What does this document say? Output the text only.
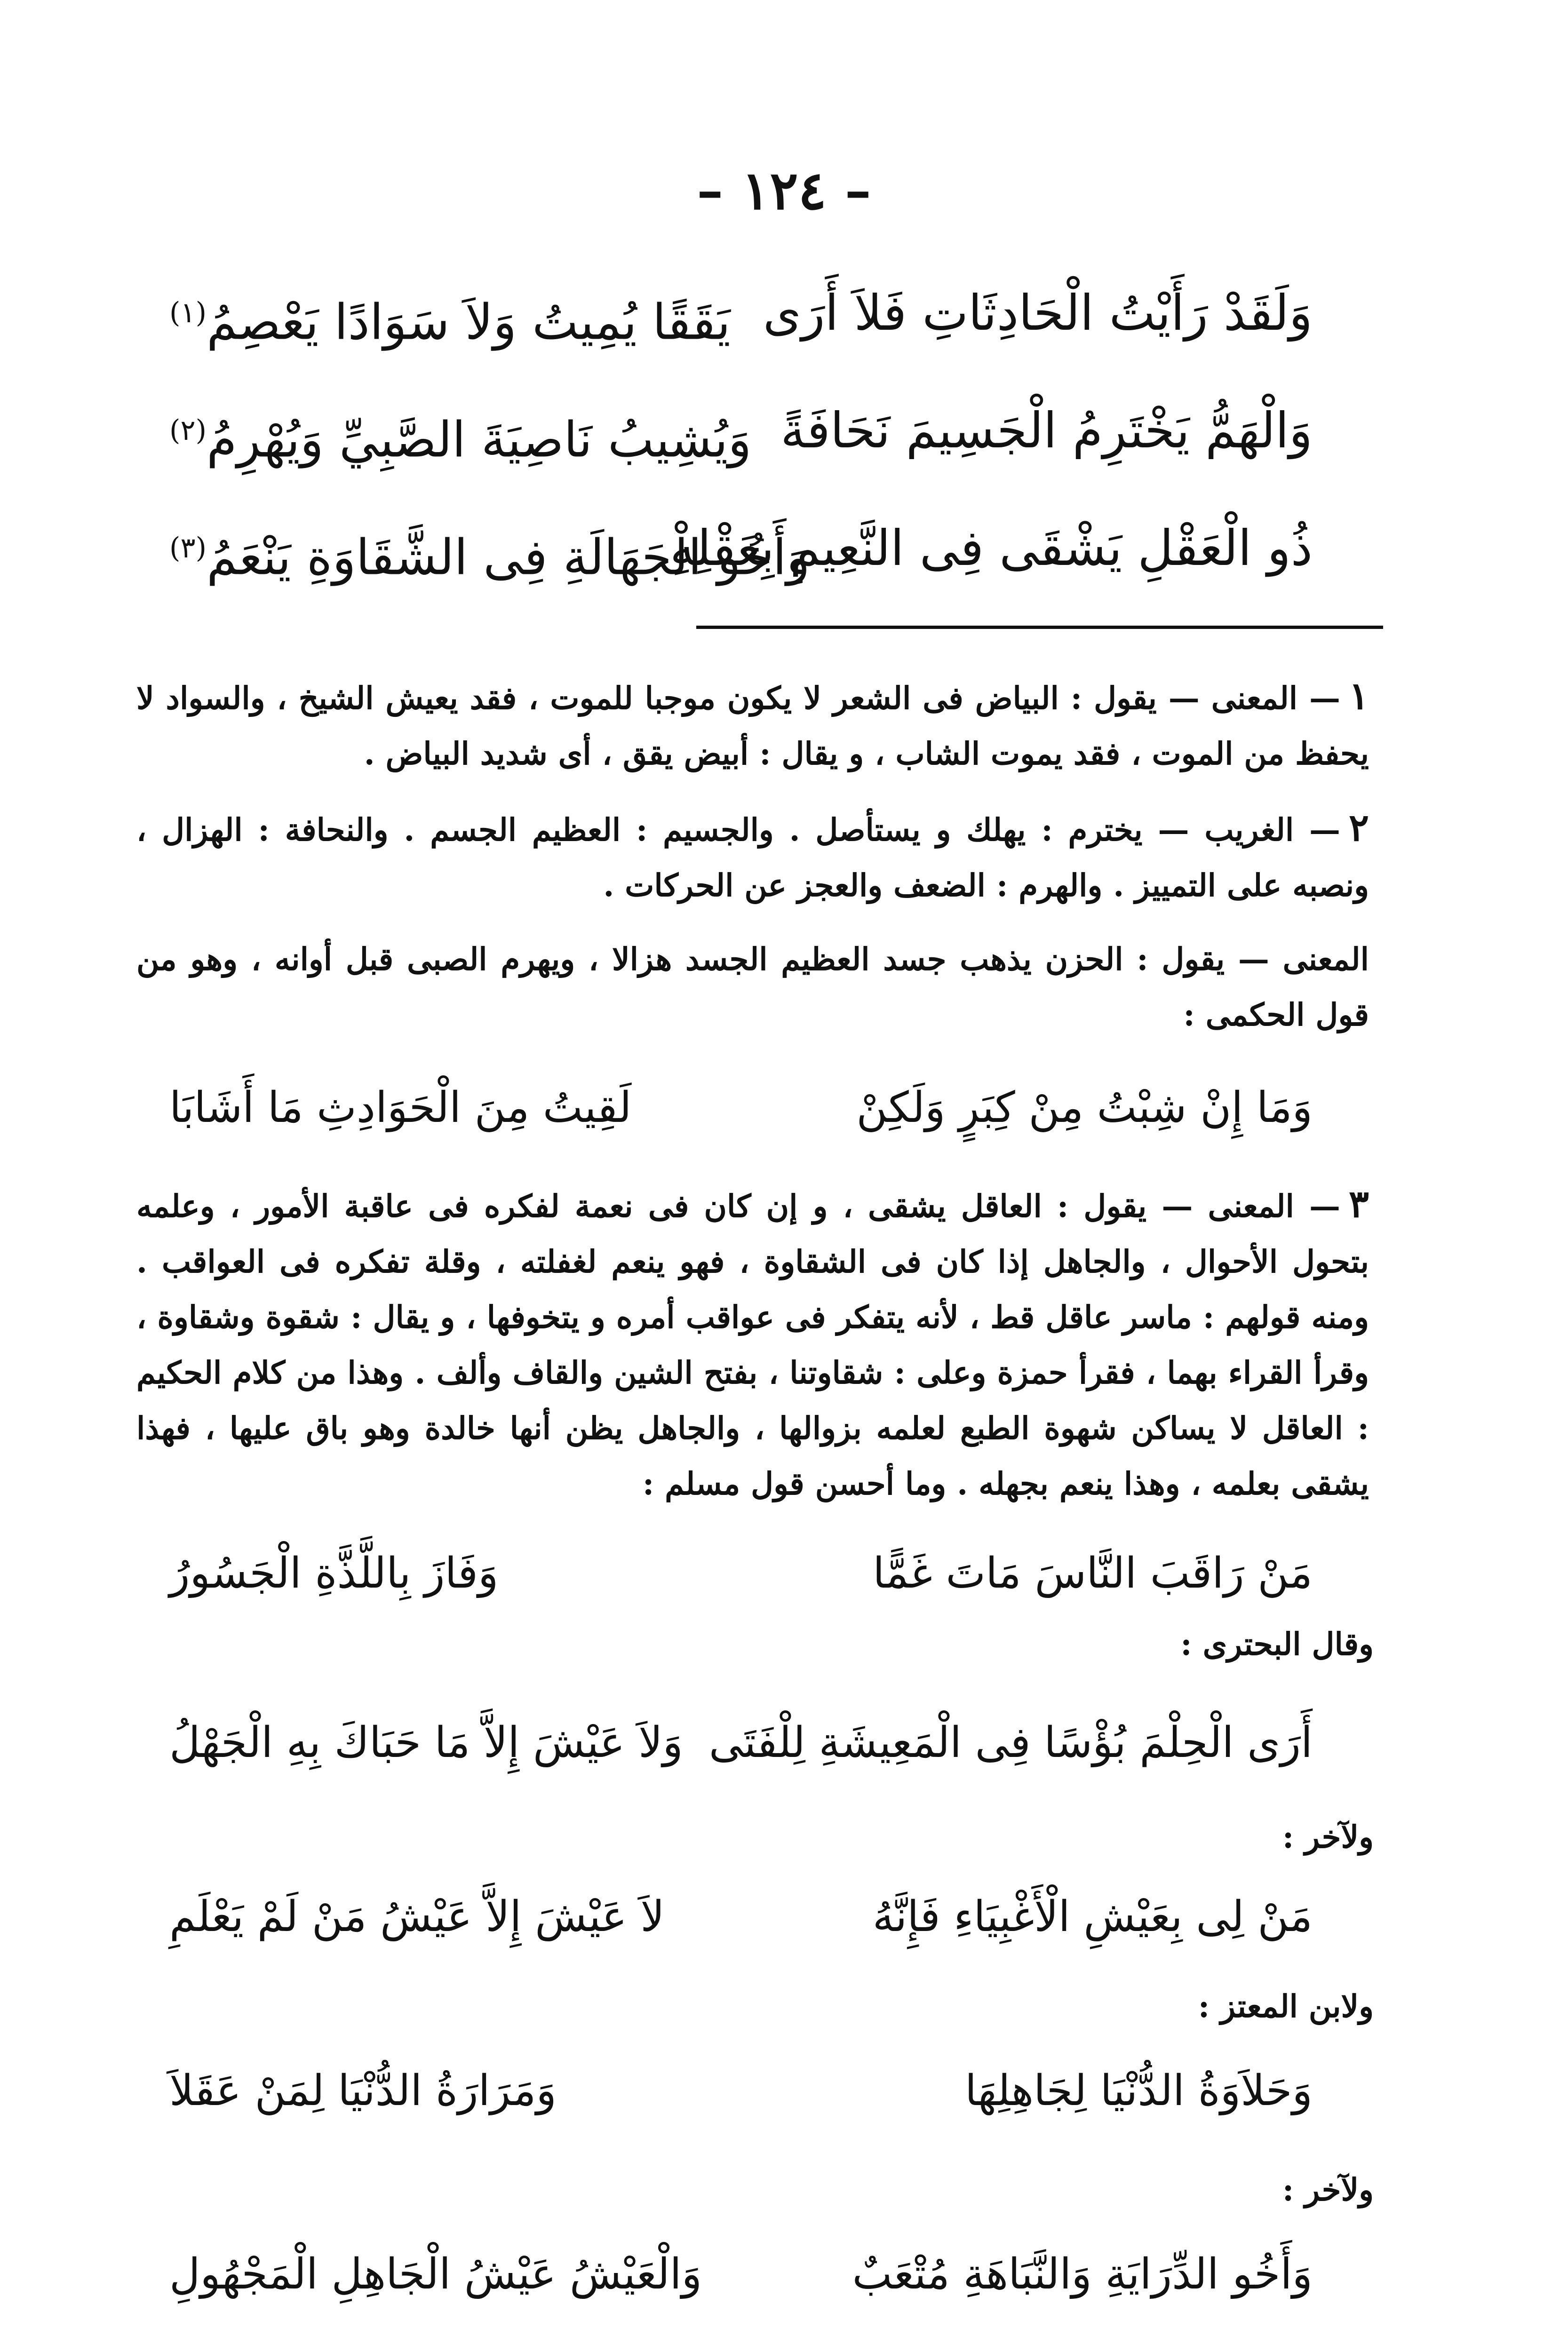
– ١٢٤ –
وَلَقَدْ رَأَيْتُ الْحَادِثَاتِ فَلاَ أَرَى
يَقَقًا يُمِيتُ وَلاَ سَوَادًا يَعْصِمُ$^{(١)}$
وَالْهَمُّ يَخْتَرِمُ الْجَسِيمَ نَحَافَةً
وَيُشِيبُ نَاصِيَةَ الصَّبِيِّ وَيُهْرِمُ$^{(٢)}$
ذُو الْعَقْلِ يَشْقَى فِى النَّعِيمِ بِعَقْلِهِ
وَأَخُو الْجَهَالَةِ فِى الشَّقَاوَةِ يَنْعَمُ$^{(٣)}$
١— المعنى — يقول : البياض فى الشعر لا يكون موجبا للموت ، فقد يعيش الشيخ ، والسواد لا يحفظ من الموت ، فقد يموت الشاب ، و يقال : أبيض يقق ، أى شديد البياض .
٢— الغريب — يخترم : يهلك و يستأصل . والجسيم : العظيم الجسم . والنحافة : الهزال ، ونصبه على التمييز . والهرم : الضعف والعجز عن الحركات .
المعنى — يقول : الحزن يذهب جسد العظيم الجسد هزالا ، ويهرم الصبى قبل أوانه ، وهو من قول الحكمى :
وَمَا إِنْ شِبْتُ مِنْ كِبَرٍ وَلَكِنْ
لَقِيتُ مِنَ الْحَوَادِثِ مَا أَشَابَا
٣— المعنى — يقول : العاقل يشقى ، و إن كان فى نعمة لفكره فى عاقبة الأمور ، وعلمه بتحول الأحوال ، والجاهل إذا كان فى الشقاوة ، فهو ينعم لغفلته ، وقلة تفكره فى العواقب . ومنه قولهم : ماسر عاقل قط ، لأنه يتفكر فى عواقب أمره و يتخوفها ، و يقال : شقوة وشقاوة ، وقرأ القراء بهما ، فقرأ حمزة وعلى : شقاوتنا ، بفتح الشين والقاف وألف . وهذا من كلام الحكيم : العاقل لا يساكن شهوة الطبع لعلمه بزوالها ، والجاهل يظن أنها خالدة وهو باق عليها ، فهذا يشقى بعلمه ، وهذا ينعم بجهله . وما أحسن قول مسلم :
مَنْ رَاقَبَ النَّاسَ مَاتَ غَمًّا
وَفَازَ بِاللَّذَّةِ الْجَسُورُ
وقال البحترى :
أَرَى الْحِلْمَ بُؤْسًا فِى الْمَعِيشَةِ لِلْفَتَى
وَلاَ عَيْشَ إِلاَّ مَا حَبَاكَ بِهِ الْجَهْلُ
ولآخر :
مَنْ لِى بِعَيْشِ الْأَغْبِيَاءِ فَإِنَّهُ
لاَ عَيْشَ إِلاَّ عَيْشُ مَنْ لَمْ يَعْلَمِ
ولابن المعتز :
وَحَلاَوَةُ الدُّنْيَا لِجَاهِلِهَا
وَمَرَارَةُ الدُّنْيَا لِمَنْ عَقَلاَ
ولآخر :
وَأَخُو الدِّرَايَةِ وَالنَّبَاهَةِ مُتْعَبٌ
وَالْعَيْشُ عَيْشُ الْجَاهِلِ الْمَجْهُولِ
